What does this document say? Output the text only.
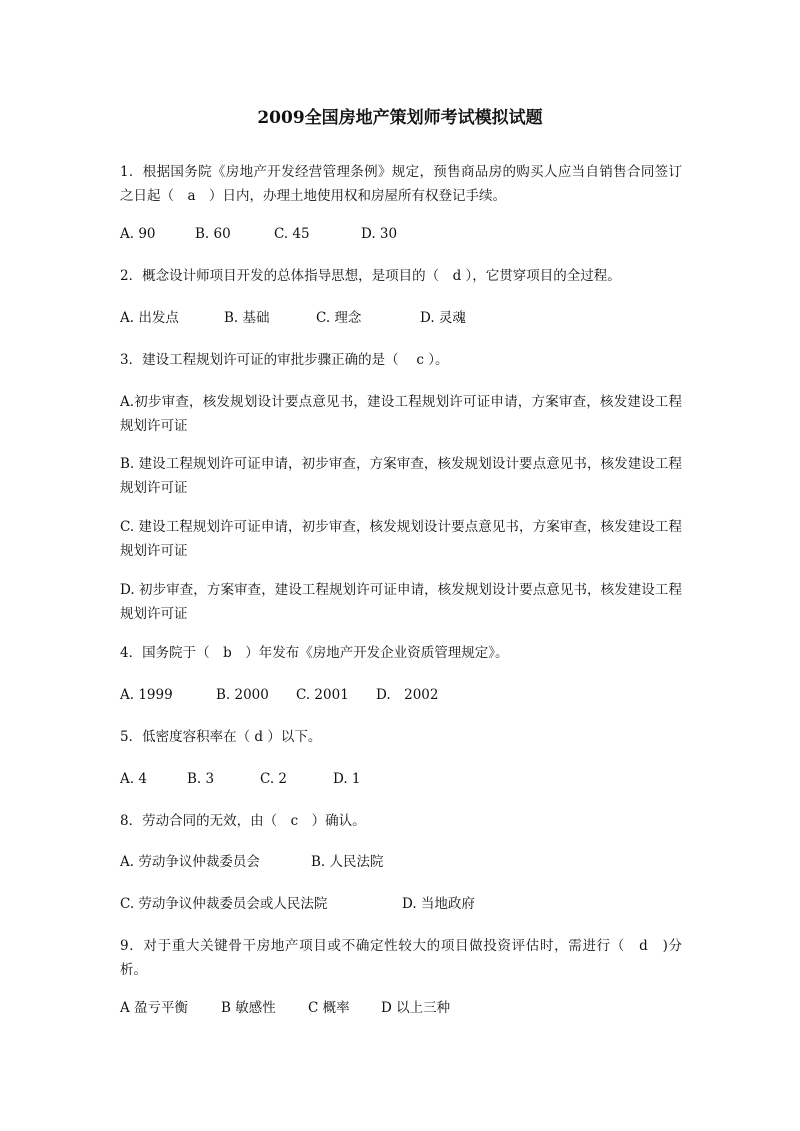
2009全国房地产策划师考试模拟试题

1．根据国务院《房地产开发经营管理条例》规定，预售商品房的购买人应当自销售合同签订之日起（　a　）日内，办理土地使用权和房屋所有权登记手续。

A. 90	B. 60	C. 45	D. 30

2．概念设计师项目开发的总体指导思想，是项目的（　d ），它贯穿项目的全过程。

A. 出发点	B. 基础	C. 理念	D. 灵魂

3．建设工程规划许可证的审批步骤正确的是（　 c ）。

A.初步审查，核发规划设计要点意见书，建设工程规划许可证申请，方案审查，核发建设工程规划许可证

B. 建设工程规划许可证申请，初步审查，方案审查，核发规划设计要点意见书，核发建设工程规划许可证

C. 建设工程规划许可证申请，初步审查，核发规划设计要点意见书，方案审查，核发建设工程规划许可证

D. 初步审查，方案审查，建设工程规划许可证申请，核发规划设计要点意见书，核发建设工程规划许可证

4．国务院于（　b　）年发布《房地产开发企业资质管理规定》。

A. 1999	B. 2000 C. 2001 D.　2002

5．低密度容积率在（ d ）以下。

A. 4	B. 3	C. 2	D. 1

8．劳动合同的无效，由（　c　）确认。

A. 劳动争议仲裁委员会	B. 人民法院
C. 劳动争议仲裁委员会或人民法院	D. 当地政府

9．对于重大关键骨干房地产项目或不确定性较大的项目做投资评估时，需进行（　d　)分析。

A 盈亏平衡 B 敏感性 C 概率 D 以上三种
